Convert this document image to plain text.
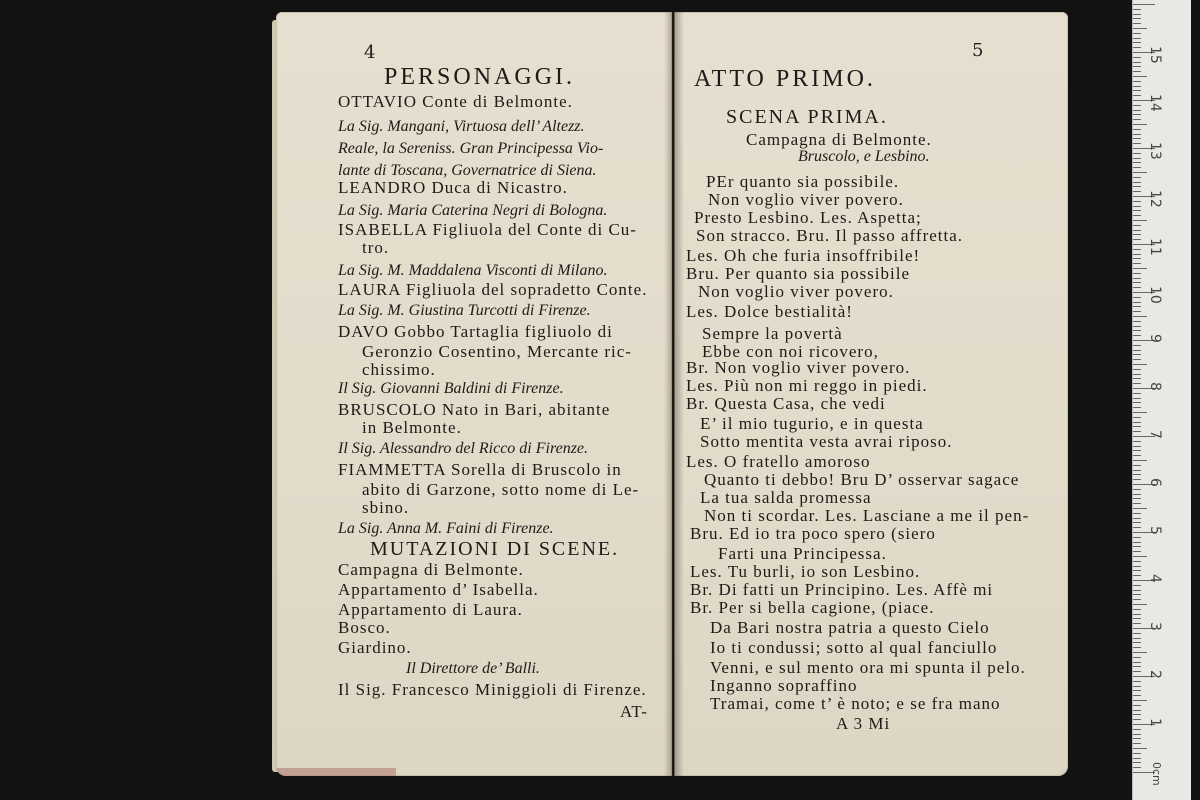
4
PERSONAGGI.
OTTAVIO Conte di Belmonte.
La Sig. Mangani, Virtuosa dell’ Altezz.
Reale, la Sereniss. Gran Principessa Vio-
lante di Toscana, Governatrice di Siena.
LEANDRO Duca di Nicastro.
La Sig. Maria Caterina Negri di Bologna.
ISABELLA Figliuola del Conte di Cu-
tro.
La Sig. M. Maddalena Visconti di Milano.
LAURA Figliuola del sopradetto Conte.
La Sig. M. Giustina Turcotti di Firenze.
DAVO Gobbo Tartaglia figliuolo di
Geronzio Cosentino, Mercante ric-
chissimo.
Il Sig. Giovanni Baldini di Firenze.
BRUSCOLO Nato in Bari, abitante
in Belmonte.
Il Sig. Alessandro del Ricco di Firenze.
FIAMMETTA Sorella di Bruscolo in
abito di Garzone, sotto nome di Le-
sbino.
La Sig. Anna M. Faini di Firenze.
MUTAZIONI DI SCENE.
Campagna di Belmonte.
Appartamento d’ Isabella.
Appartamento di Laura.
Bosco.
Giardino.
Il Direttore de’ Balli.
Il Sig. Francesco Miniggioli di Firenze.
AT-
5
ATTO PRIMO.
SCENA PRIMA.
Campagna di Belmonte.
Bruscolo, e Lesbino.
PEr quanto sia possibile.
Non voglio viver povero.
Presto Lesbino. Les. Aspetta;
Son stracco. Bru. Il passo affretta.
Les. Oh che furia insoffribile!
Bru. Per quanto sia possibile
Non voglio viver povero.
Les. Dolce bestialità!
Sempre la povertà
Ebbe con noi ricovero,
Br. Non voglio viver povero.
Les. Più non mi reggo in piedi.
Br. Questa Casa, che vedi
E’ il mio tugurio, e in questa
Sotto mentita vesta avrai riposo.
Les. O fratello amoroso
Quanto ti debbo! Bru D’ osservar sagace
La tua salda promessa
Non ti scordar. Les. Lasciane a me il pen-
Bru. Ed io tra poco spero (siero
Farti una Principessa.
Les. Tu burli, io son Lesbino.
Br. Di fatti un Principino. Les. Affè mi
Br. Per si bella cagione, (piace.
Da Bari nostra patria a questo Cielo
Io ti condussi; sotto al qual fanciullo
Venni, e sul mento ora mi spunta il pelo.
Inganno sopraffino
Tramai, come t’ è noto; e se fra mano
A 3 Mi	1
2
3
4
5
6
7
8
9
10
11
12
13
14
15
0cm
